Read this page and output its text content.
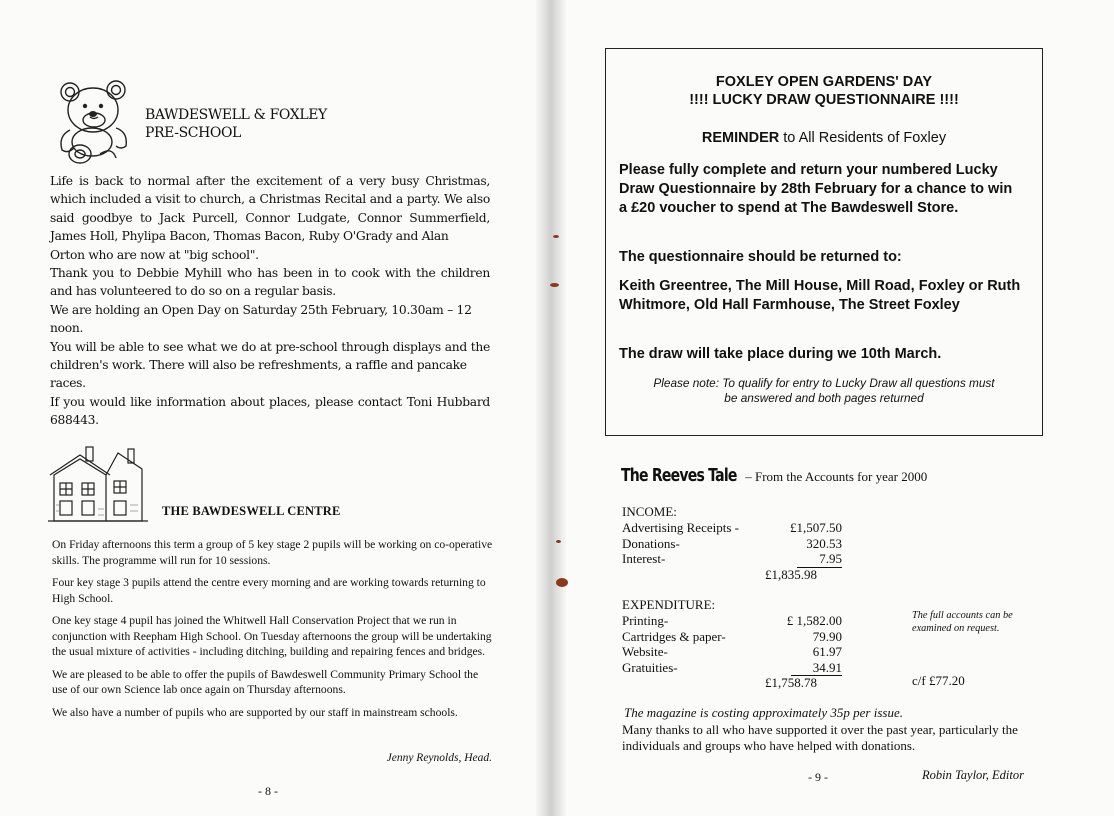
BAWDESWELL & FOXLEY
PRE-SCHOOL

Life is back to normal after the excitement of a very busy Christmas, which included a visit to church, a Christmas Recital and a party. We also said goodbye to Jack Purcell, Connor Ludgate, Connor Summerfield, James Holl, Phylipa Bacon, Thomas Bacon, Ruby O'Grady and Alan
Orton who are now at "big school".

Thank you to Debbie Myhill who has been in to cook with the children and has volunteered to do so on a regular basis.

We are holding an Open Day on Saturday 25th February, 10.30am – 12
noon.

You will be able to see what we do at pre-school through displays and the children's work. There will also be refreshments, a raffle and pancake
races.

If you would like information about places, please contact Toni Hubbard 688443.

THE BAWDESWELL CENTRE

On Friday afternoons this term a group of 5 key stage 2 pupils will be working on co-operative skills. The programme will run for 10 sessions.

Four key stage 3 pupils attend the centre every morning and are working towards returning to High School.

One key stage 4 pupil has joined the Whitwell Hall Conservation Project that we run in conjunction with Reepham High School. On Tuesday afternoons the group will be undertaking the usual mixture of activities - including ditching, building and repairing fences and bridges.

We are pleased to be able to offer the pupils of Bawdeswell Community Primary School the use of our own Science lab once again on Thursday afternoons.

We also have a number of pupils who are supported by our staff in mainstream schools.

Jenny Reynolds, Head.
- 8 -
FOXLEY OPEN GARDENS' DAY
!!!! LUCKY DRAW QUESTIONNAIRE !!!!
REMINDER to All Residents of Foxley
Please fully complete and return your numbered Lucky Draw Questionnaire by 28th February for a chance to win a £20 voucher to spend at The Bawdeswell Store.
The questionnaire should be returned to:
Keith Greentree, The Mill House, Mill Road, Foxley or Ruth Whitmore, Old Hall Farmhouse, The Street Foxley
The draw will take place during we 10th March.
Please note: To qualify for entry to Lucky Draw all questions must be answered and both pages returned
The Reeves Tale – From the Accounts for year 2000
INCOME:
Advertising Receipts -	£1,507.50
Donations-	320.53
Interest-	7.95
£1,835.98
EXPENDITURE:
Printing-	£ 1,582.00
Cartridges & paper-	79.90
Website-	61.97
Gratuities-	34.91
£1,758.78
The full accounts can be examined on request.
c/f £77.20
The magazine is costing approximately 35p per issue.
Many thanks to all who have supported it over the past year, particularly the individuals and groups who have helped with donations.
- 9 -	Robin Taylor, Editor
